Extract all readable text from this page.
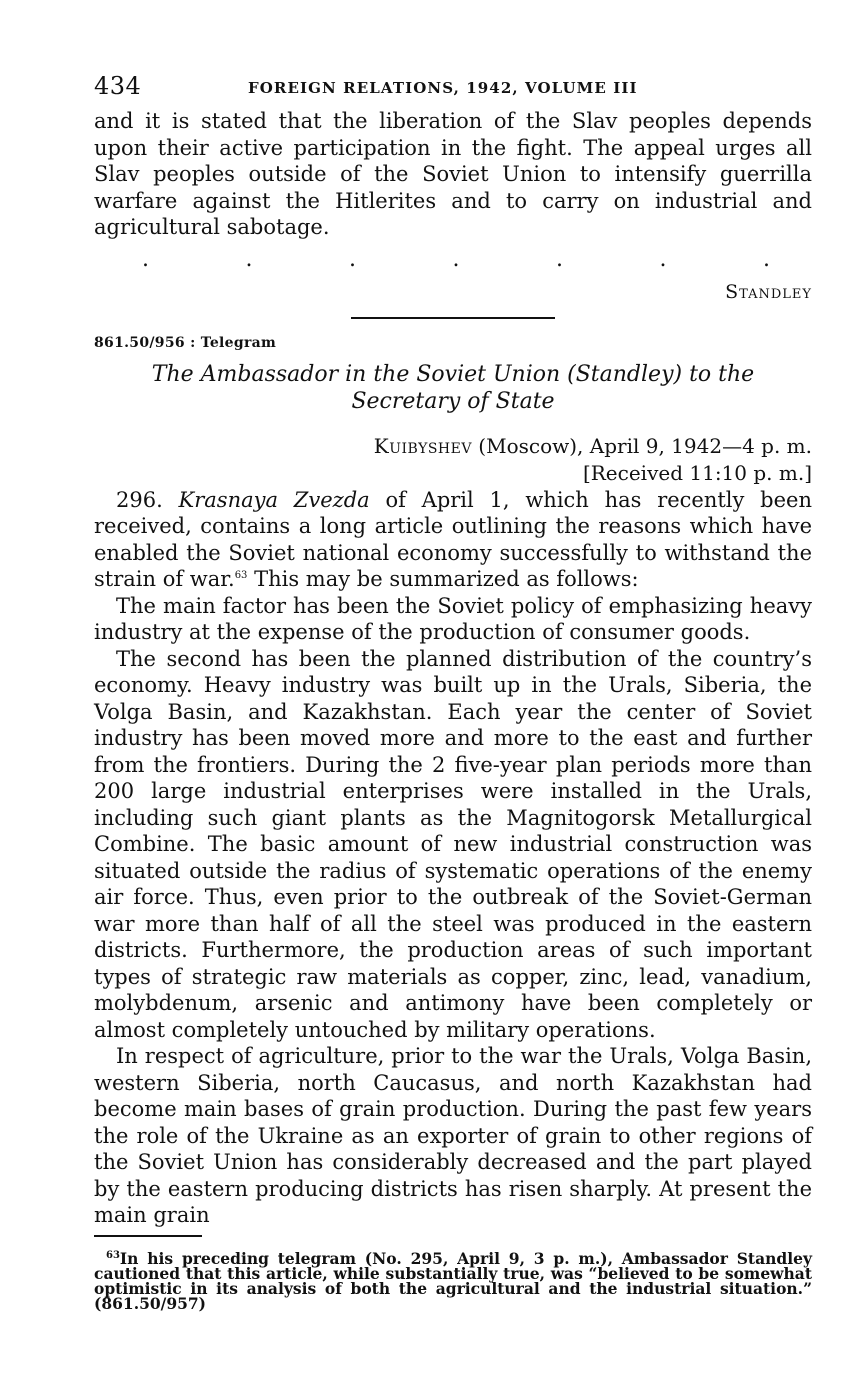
434	FOREIGN RELATIONS, 1942, VOLUME III

and it is stated that the liberation of the Slav peoples depends upon their active participation in the fight. The appeal urges all Slav peoples outside of the Soviet Union to intensify guerrilla warfare against the Hitlerites and to carry on industrial and agricultural sabotage.

.	.	.	.	.	.	.
Standley
861.50/956 : Telegram
The Ambassador in the Soviet Union (Standley) to the Secretary of State
Kuibyshev (Moscow), April 9, 1942—4 p. m.
[Received 11:10 p. m.]

296. Krasnaya Zvezda of April 1, which has recently been received, contains a long article outlining the reasons which have enabled the Soviet national economy successfully to withstand the strain of war.$^{63}$ This may be summarized as follows:

The main factor has been the Soviet policy of emphasizing heavy industry at the expense of the production of consumer goods.

The second has been the planned distribution of the country’s economy. Heavy industry was built up in the Urals, Siberia, the Volga Basin, and Kazakhstan. Each year the center of Soviet industry has been moved more and more to the east and further from the frontiers. During the 2 five-year plan periods more than 200 large industrial enterprises were installed in the Urals, including such giant plants as the Magnitogorsk Metallurgical Combine. The basic amount of new industrial construction was situated outside the radius of systematic operations of the enemy air force. Thus, even prior to the outbreak of the Soviet-German war more than half of all the steel was produced in the eastern districts. Furthermore, the production areas of such important types of strategic raw materials as copper, zinc, lead, vanadium, molybdenum, arsenic and antimony have been completely or almost completely untouched by military operations.

In respect of agriculture, prior to the war the Urals, Volga Basin, western Siberia, north Caucasus, and north Kazakhstan had become main bases of grain production. During the past few years the role of the Ukraine as an exporter of grain to other regions of the Soviet Union has considerably decreased and the part played by the eastern producing districts has risen sharply. At present the main grain

$^{63}$In his preceding telegram (No. 295, April 9, 3 p. m.), Ambassador Standley cautioned that this article, while substantially true, was “believed to be somewhat optimistic in its analysis of both the agricultural and the industrial situation.” (861.50/957)
